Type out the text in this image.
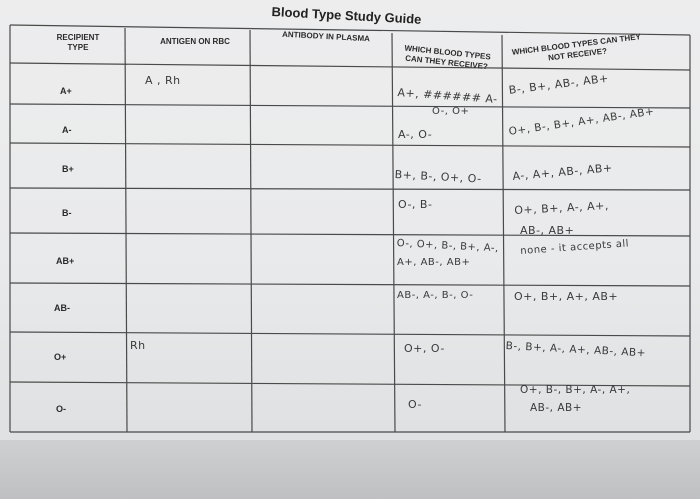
Blood Type Study Guide
RECIPIENT TYPE
ANTIGEN ON RBC	ANTIBODY IN PLASMA
WHICH BLOOD TYPES CAN THEY RECEIVE?
WHICH BLOOD TYPES CAN THEY NOT RECEIVE?
A+
A-
B+
B-
AB+
AB-
O+
O-
A , Rh
Rh
A+, ###### A-
O-, O+
A-, O-
B+, B-, O+, O-
O-, B-
O-, O+, B-, B+, A-,
A+, AB-, AB+
AB-, A-, B-, O-
O+, O-
O-
B-, B+, AB-, AB+
O+, B-, B+, A+, AB-, AB+
A-, A+, AB-, AB+
O+, B+, A-, A+,
AB-, AB+
none - it accepts all
O+, B+, A+, AB+
B-, B+, A-, A+, AB-, AB+
O+, B-, B+, A-, A+,
AB-, AB+
